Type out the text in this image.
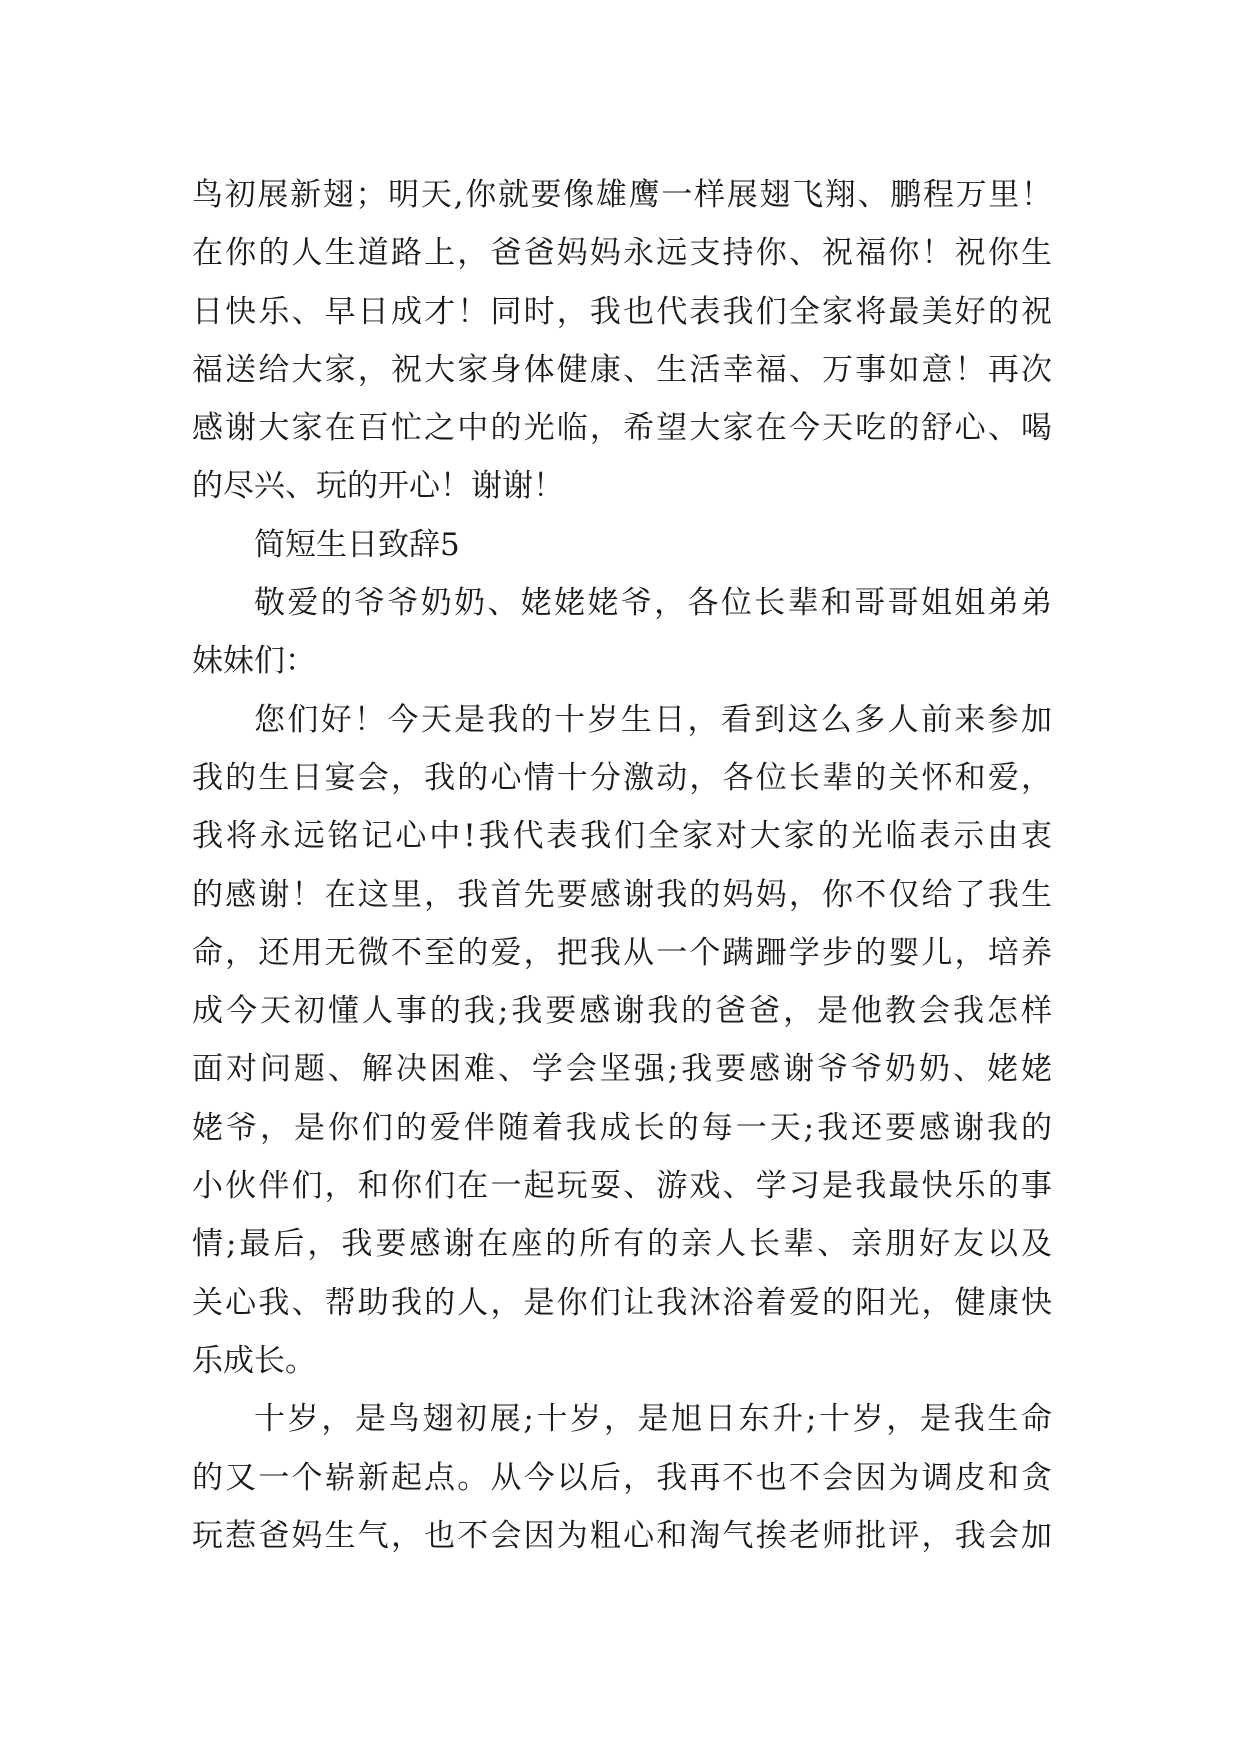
鸟初展新翅；明天,你就要像雄鹰一样展翅飞翔、鹏程万里！
在你的人生道路上，爸爸妈妈永远支持你、祝福你！祝你生
日快乐、早日成才！同时，我也代表我们全家将最美好的祝
福送给大家，祝大家身体健康、生活幸福、万事如意！再次
感谢大家在百忙之中的光临，希望大家在今天吃的舒心、喝
的尽兴、玩的开心！谢谢！
简短生日致辞5
敬爱的爷爷奶奶、姥姥姥爷，各位长辈和哥哥姐姐弟弟
妹妹们：
您们好！今天是我的十岁生日，看到这么多人前来参加
我的生日宴会，我的心情十分激动，各位长辈的关怀和爱，
我将永远铭记心中!我代表我们全家对大家的光临表示由衷
的感谢！在这里，我首先要感谢我的妈妈，你不仅给了我生
命，还用无微不至的爱，把我从一个蹒跚学步的婴儿，培养
成今天初懂人事的我;我要感谢我的爸爸，是他教会我怎样
面对问题、解决困难、学会坚强;我要感谢爷爷奶奶、姥姥
姥爷，是你们的爱伴随着我成长的每一天;我还要感谢我的
小伙伴们，和你们在一起玩耍、游戏、学习是我最快乐的事
情;最后，我要感谢在座的所有的亲人长辈、亲朋好友以及
关心我、帮助我的人，是你们让我沐浴着爱的阳光，健康快
乐成长。
十岁，是鸟翅初展;十岁，是旭日东升;十岁，是我生命
的又一个崭新起点。从今以后，我再不也不会因为调皮和贪
玩惹爸妈生气，也不会因为粗心和淘气挨老师批评，我会加
